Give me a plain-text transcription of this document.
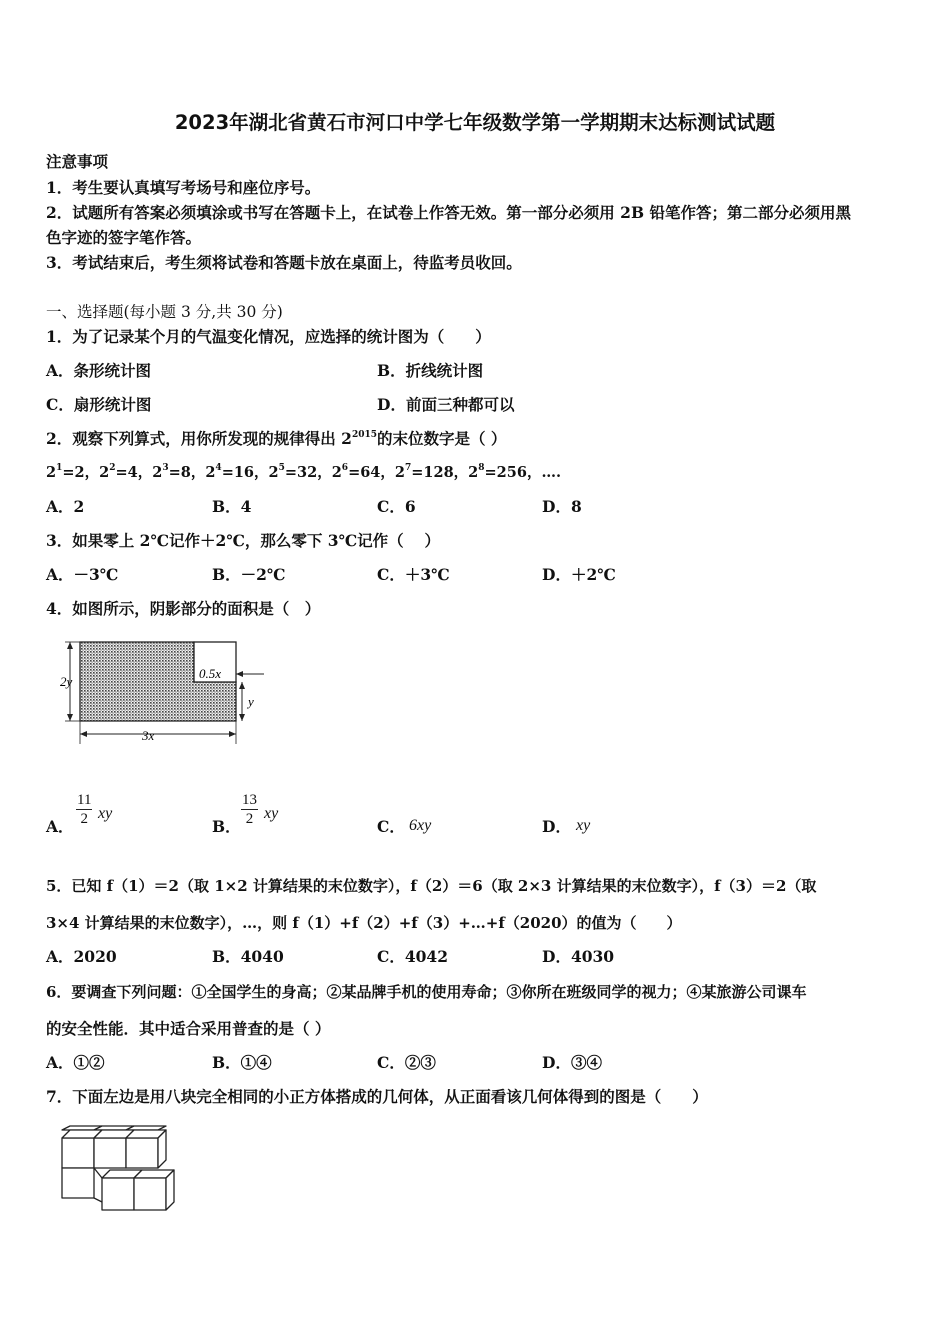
2023年湖北省黄石市河口中学七年级数学第一学期期末达标测试试题
注意事项
1．考生要认真填写考场号和座位序号。
2．试题所有答案必须填涂或书写在答题卡上，在试卷上作答无效。第一部分必须用 2B 铅笔作答；第二部分必须用黑
色字迹的签字笔作答。
3．考试结束后，考生须将试卷和答题卡放在桌面上，待监考员收回。
一、选择题(每小题 3 分,共 30 分)
1．为了记录某个月的气温变化情况，应选择的统计图为（　　）
A．条形统计图	B．折线统计图
C．扇形统计图	D．前面三种都可以
2．观察下列算式，用你所发现的规律得出 $2^{2015}$的末位数字是（ ）
$2^1=2$，$2^2=4$，$2^3=8$，$2^4=16$，$2^5=32$，$2^6=64$，$2^7=128$，$2^8=256$，….
A．2	B．4	C．6	D．8
3．如果零上 2℃记作＋2℃，那么零下 3℃记作（　 ）
A．－3℃	B．－2℃	C．＋3℃	D．＋2℃
4．如图所示，阴影部分的面积是（　）
2y
0.5x
y
3x
A． $\frac{11}{2}$ xy
B． $\frac{13}{2}$ xy
C． 6xy	D． xy
5．已知 f（1）＝2（取 1×2 计算结果的末位数字），f（2）＝6（取 2×3 计算结果的末位数字），f（3）＝2（取
3×4 计算结果的末位数字），…，则 f（1）+f（2）+f（3）+…+f（2020）的值为（　　）
A．2020	B．4040	C．4042	D．4030
6．要调查下列问题：①全国学生的身高；②某品牌手机的使用寿命；③你所在班级同学的视力；④某旅游公司课车
的安全性能．其中适合采用普查的是（ ）
A．①②	B．①④	C．②③	D．③④
7．下面左边是用八块完全相同的小正方体搭成的几何体，从正面看该几何体得到的图是（　　）
